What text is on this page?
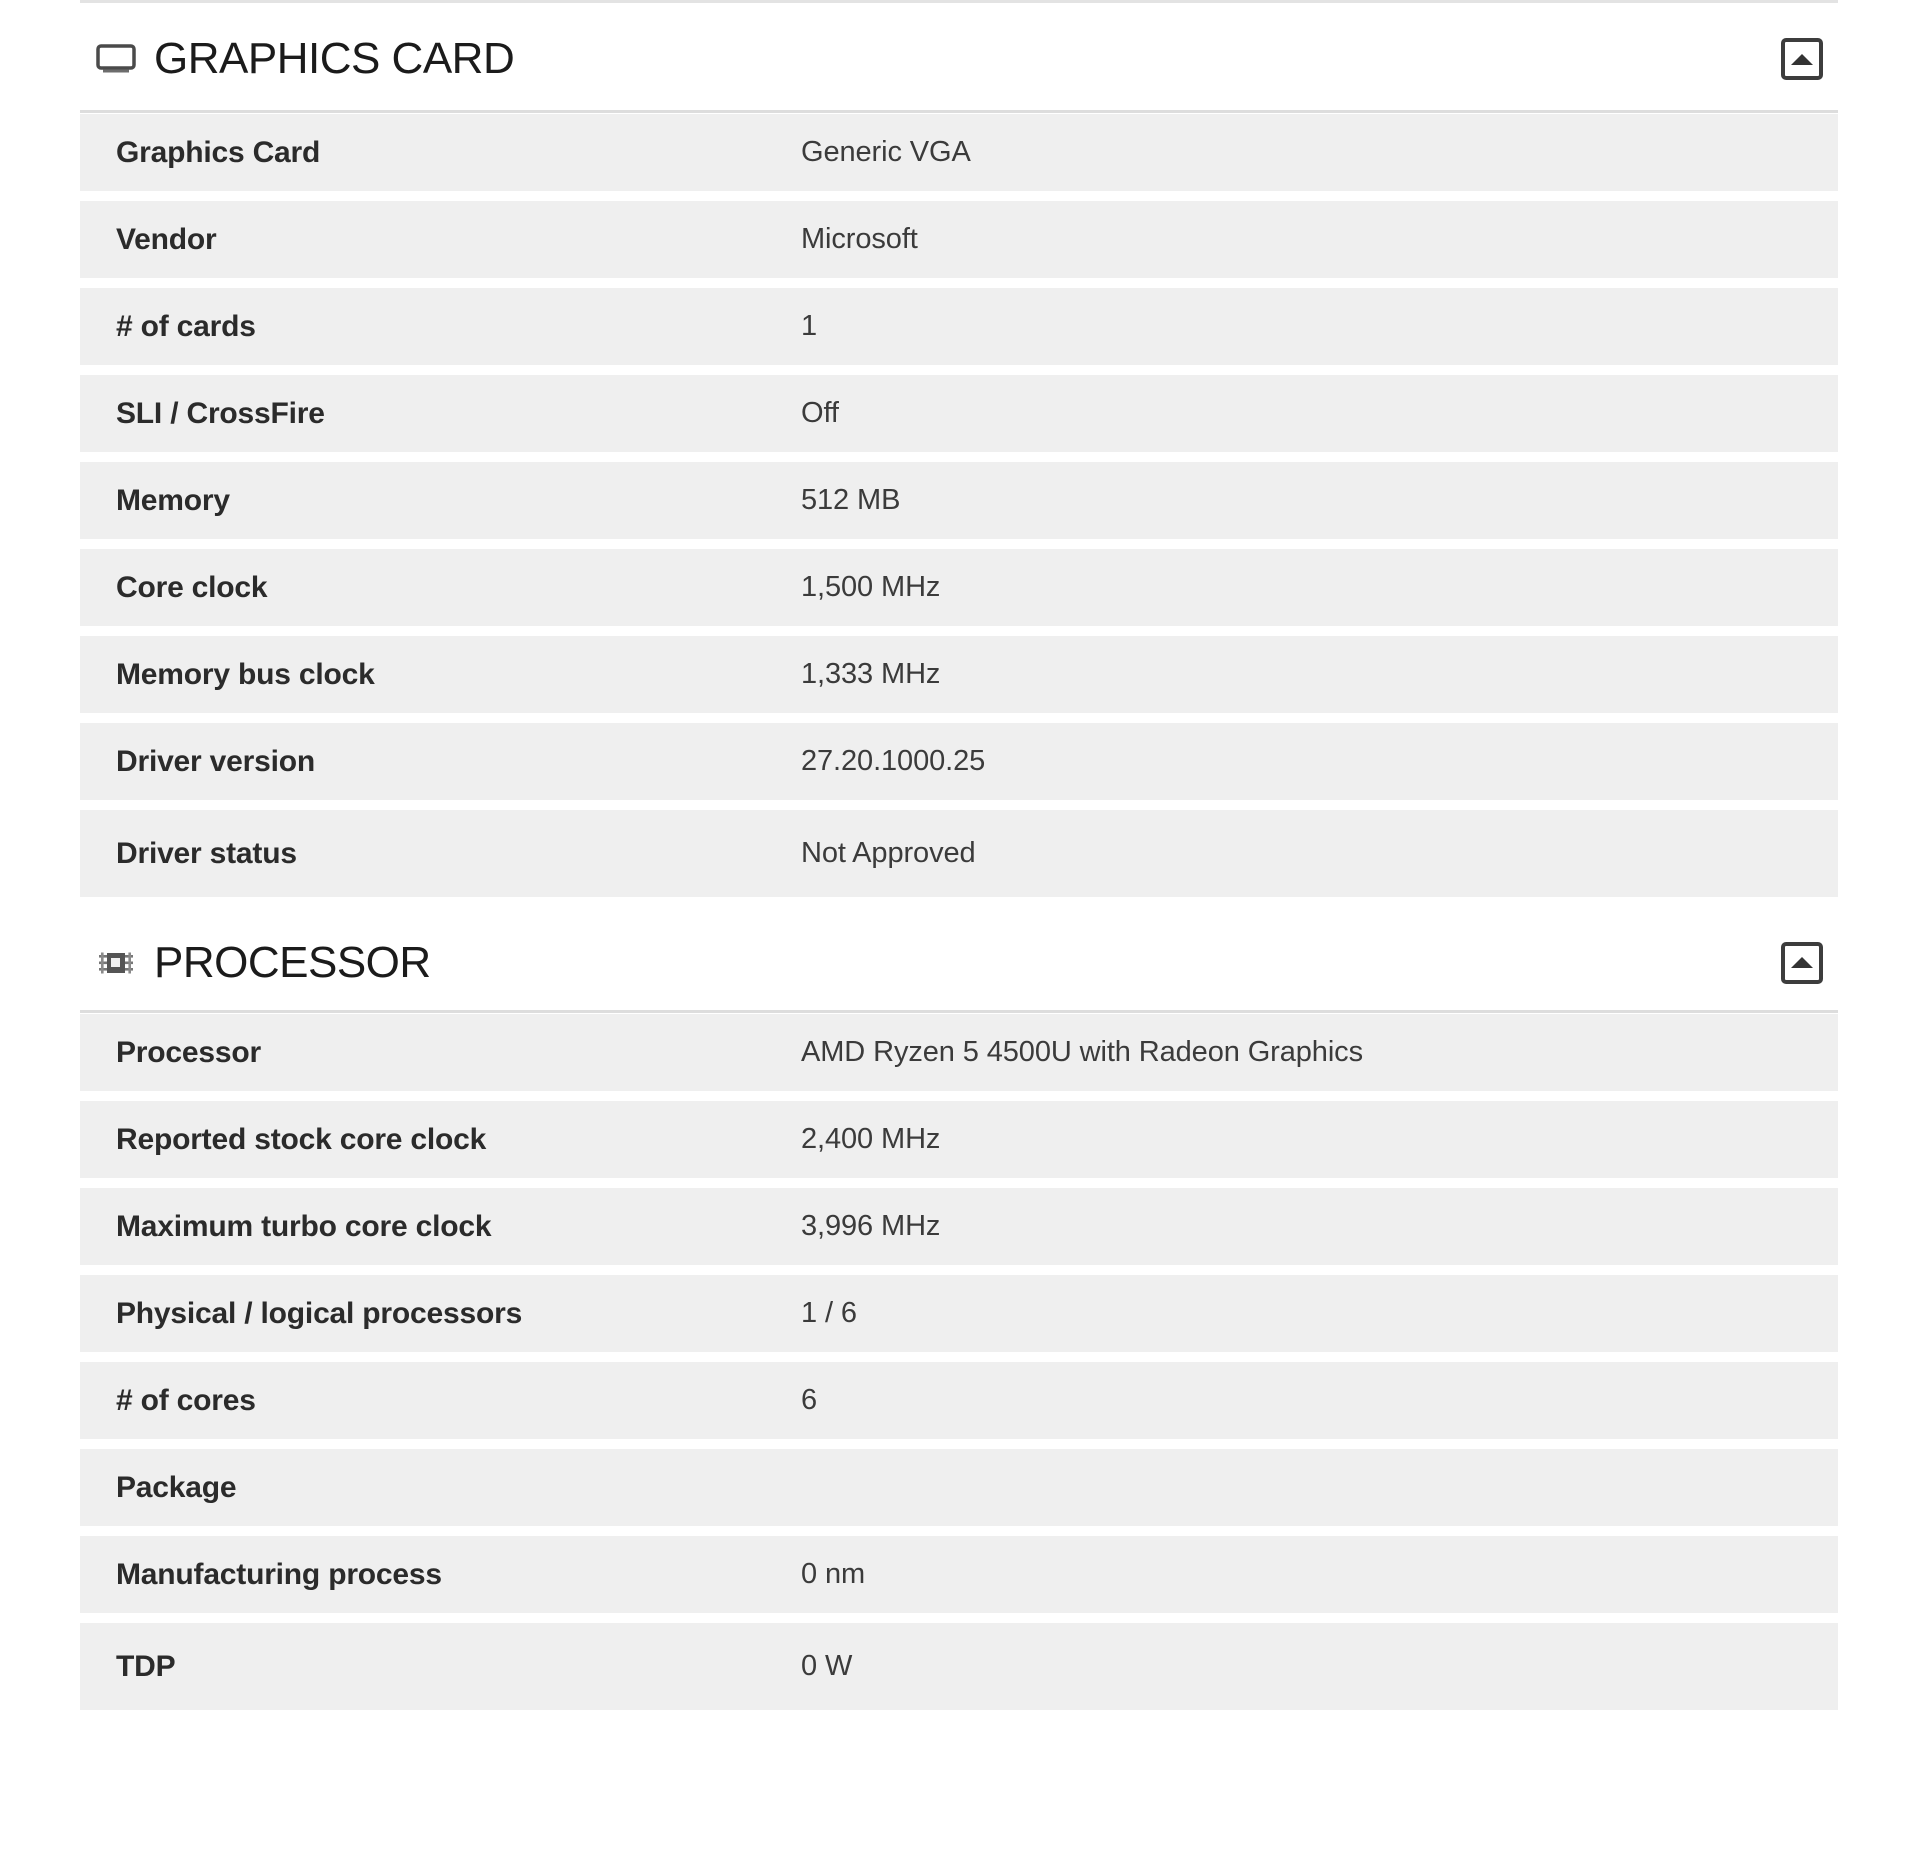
GRAPHICS CARD
Graphics Card	Generic VGA
Vendor	Microsoft
# of cards	1
SLI / CrossFire	Off
Memory	512 MB
Core clock	1,500 MHz
Memory bus clock	1,333 MHz
Driver version	27.20.1000.25
Driver status	Not Approved
PROCESSOR
Processor	AMD Ryzen 5 4500U with Radeon Graphics
Reported stock core clock	2,400 MHz
Maximum turbo core clock	3,996 MHz
Physical / logical processors	1 / 6
# of cores	6
Package
Manufacturing process	0 nm
TDP	0 W
